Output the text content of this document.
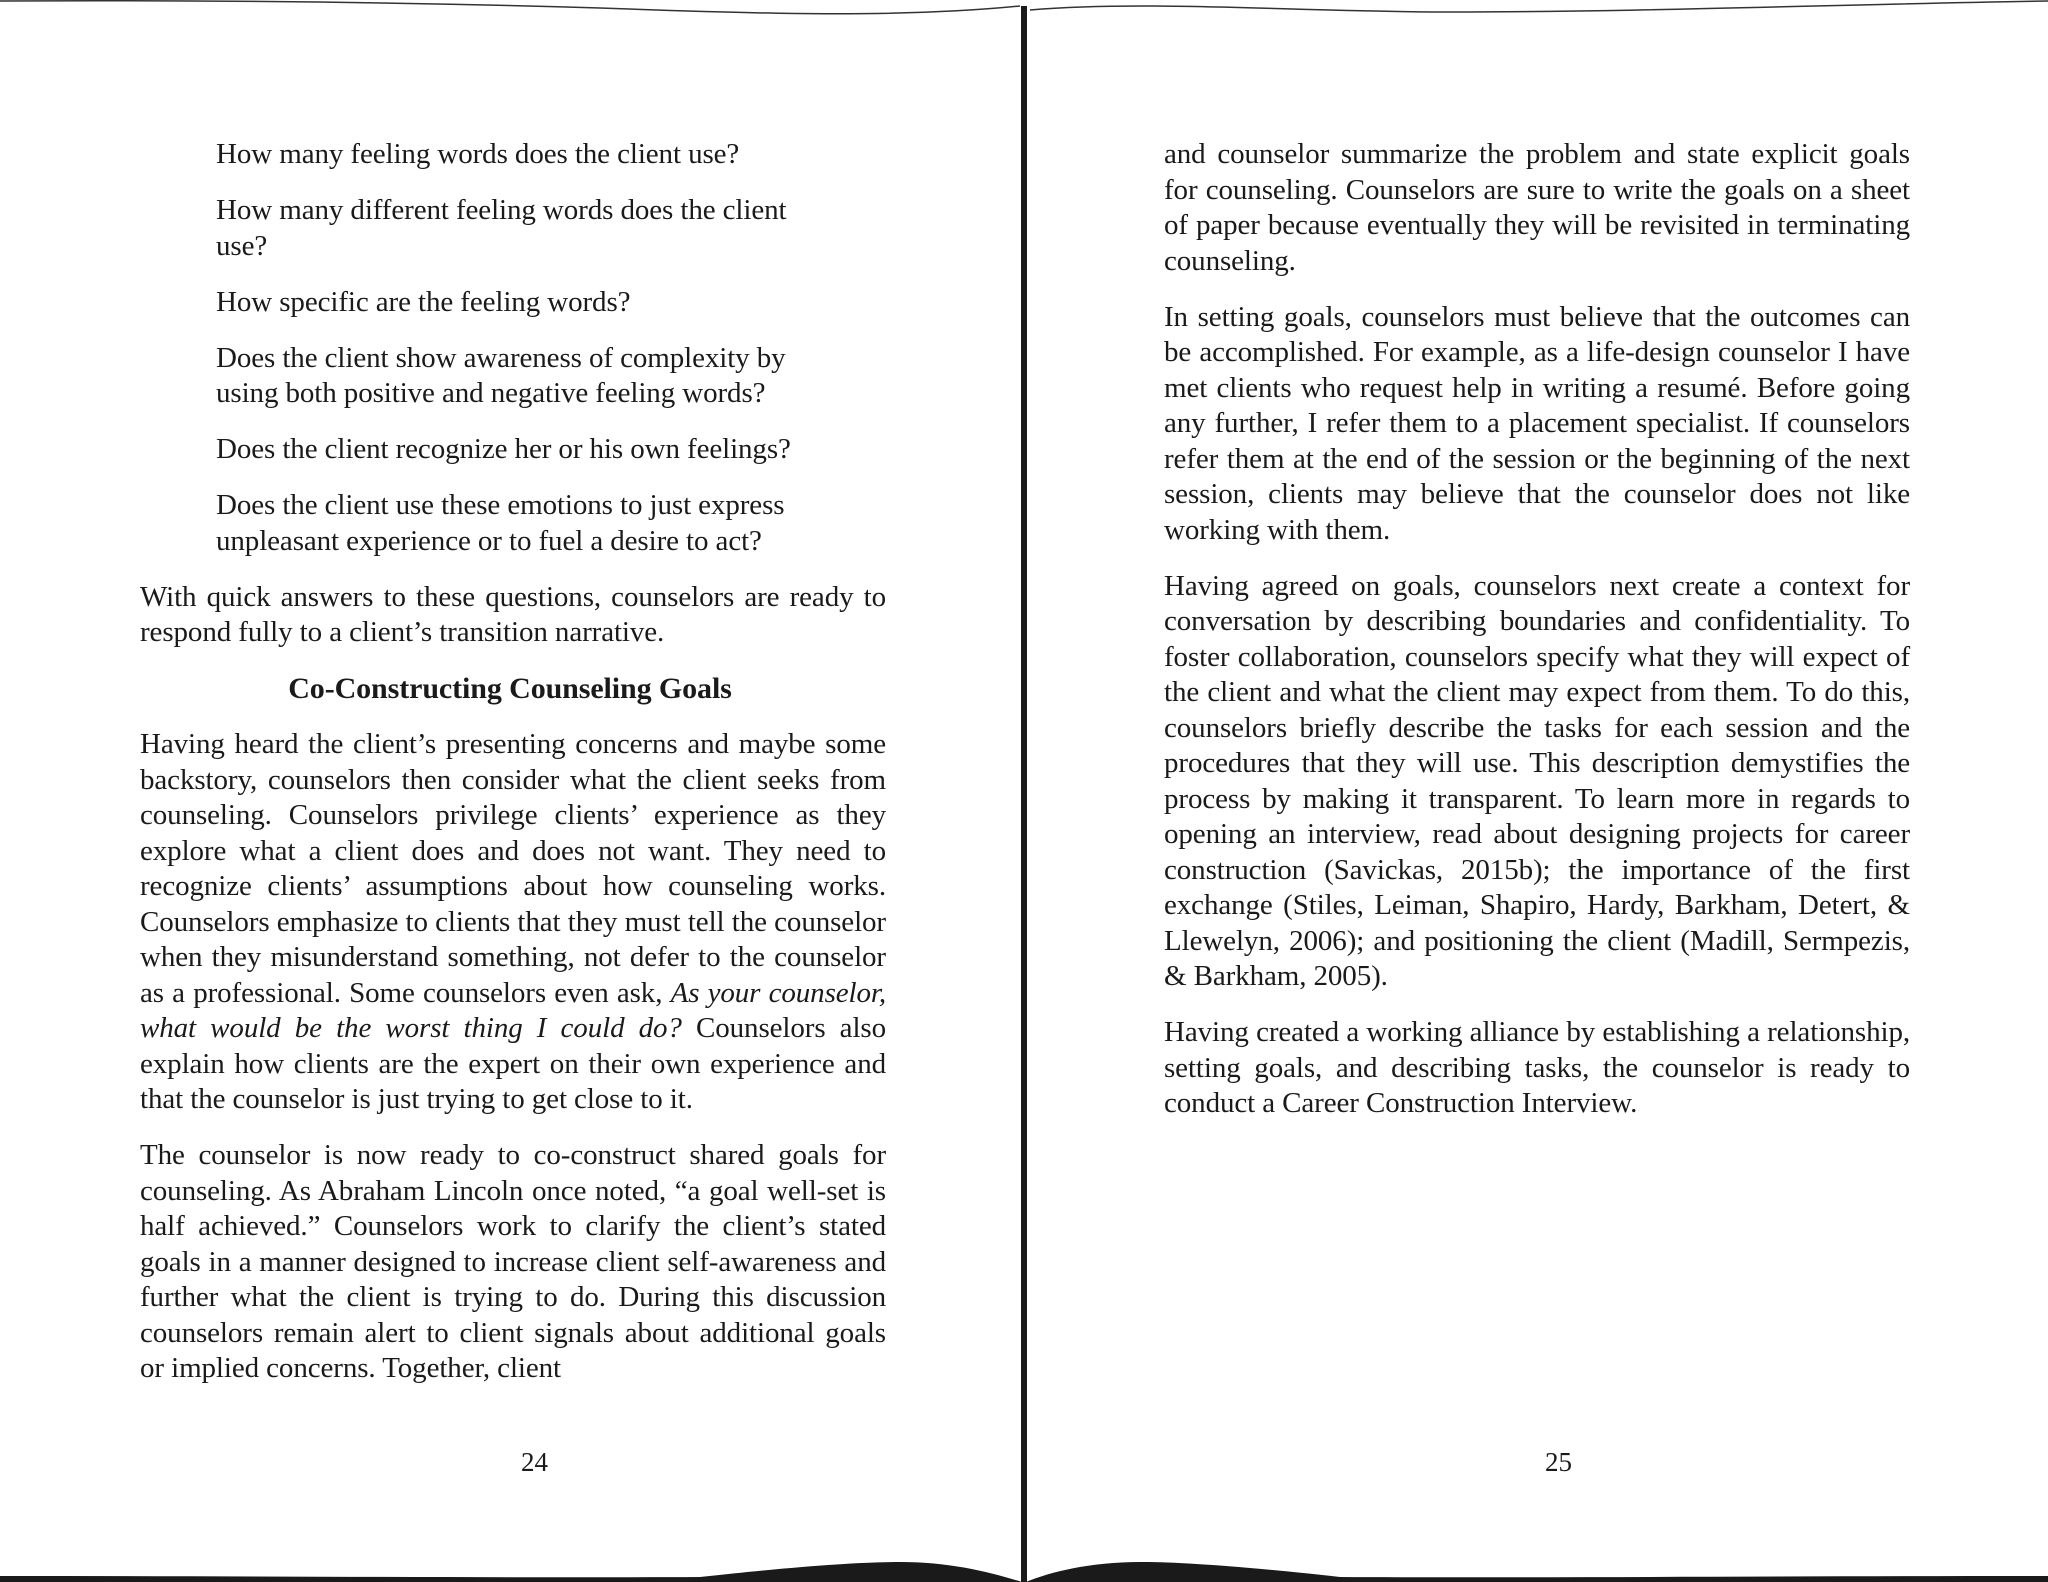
How many feeling words does the client use?

How many different feeling words does the client use?

How specific are the feeling words?

Does the client show awareness of complexity by using both positive and negative feeling words?

Does the client recognize her or his own feelings?

Does the client use these emotions to just express unpleasant experience or to fuel a desire to act?

With quick answers to these questions, counselors are ready to respond fully to a client’s transition narrative.

Co-Constructing Counseling Goals

Having heard the client’s presenting concerns and maybe some backstory, counselors then consider what the client seeks from counseling. Counselors privilege clients’ experience as they explore what a client does and does not want. They need to recognize clients’ assumptions about how counseling works. Counselors emphasize to clients that they must tell the counselor when they misunderstand something, not defer to the counselor as a professional. Some counselors even ask, As your counselor, what would be the worst thing I could do? Counselors also explain how clients are the expert on their own experience and that the counselor is just trying to get close to it.

The counselor is now ready to co-construct shared goals for counseling. As Abraham Lincoln once noted, “a goal well-set is half achieved.” Counselors work to clarify the client’s stated goals in a manner designed to increase client self-awareness and further what the client is trying to do. During this discussion counselors remain alert to client signals about additional goals or implied concerns. Together, client

24

and counselor summarize the problem and state explicit goals for counseling. Counselors are sure to write the goals on a sheet of paper because eventually they will be revisited in terminating counseling.

In setting goals, counselors must believe that the outcomes can be accomplished. For example, as a life-design counselor I have met clients who request help in writing a resumé. Before going any further, I refer them to a placement specialist. If counselors refer them at the end of the session or the beginning of the next session, clients may believe that the counselor does not like working with them.

Having agreed on goals, counselors next create a context for conversation by describing boundaries and confidentiality. To foster collaboration, counselors specify what they will expect of the client and what the client may expect from them. To do this, counselors briefly describe the tasks for each session and the procedures that they will use. This description demystifies the process by making it transparent. To learn more in regards to opening an interview, read about designing projects for career construction (Savickas, 2015b); the importance of the first exchange (Stiles, Leiman, Shapiro, Hardy, Barkham, Detert, & Llewelyn, 2006); and positioning the client (Madill, Sermpezis, & Barkham, 2005).

Having created a working alliance by establishing a relationship, setting goals, and describing tasks, the counselor is ready to conduct a Career Construction Interview.

25
